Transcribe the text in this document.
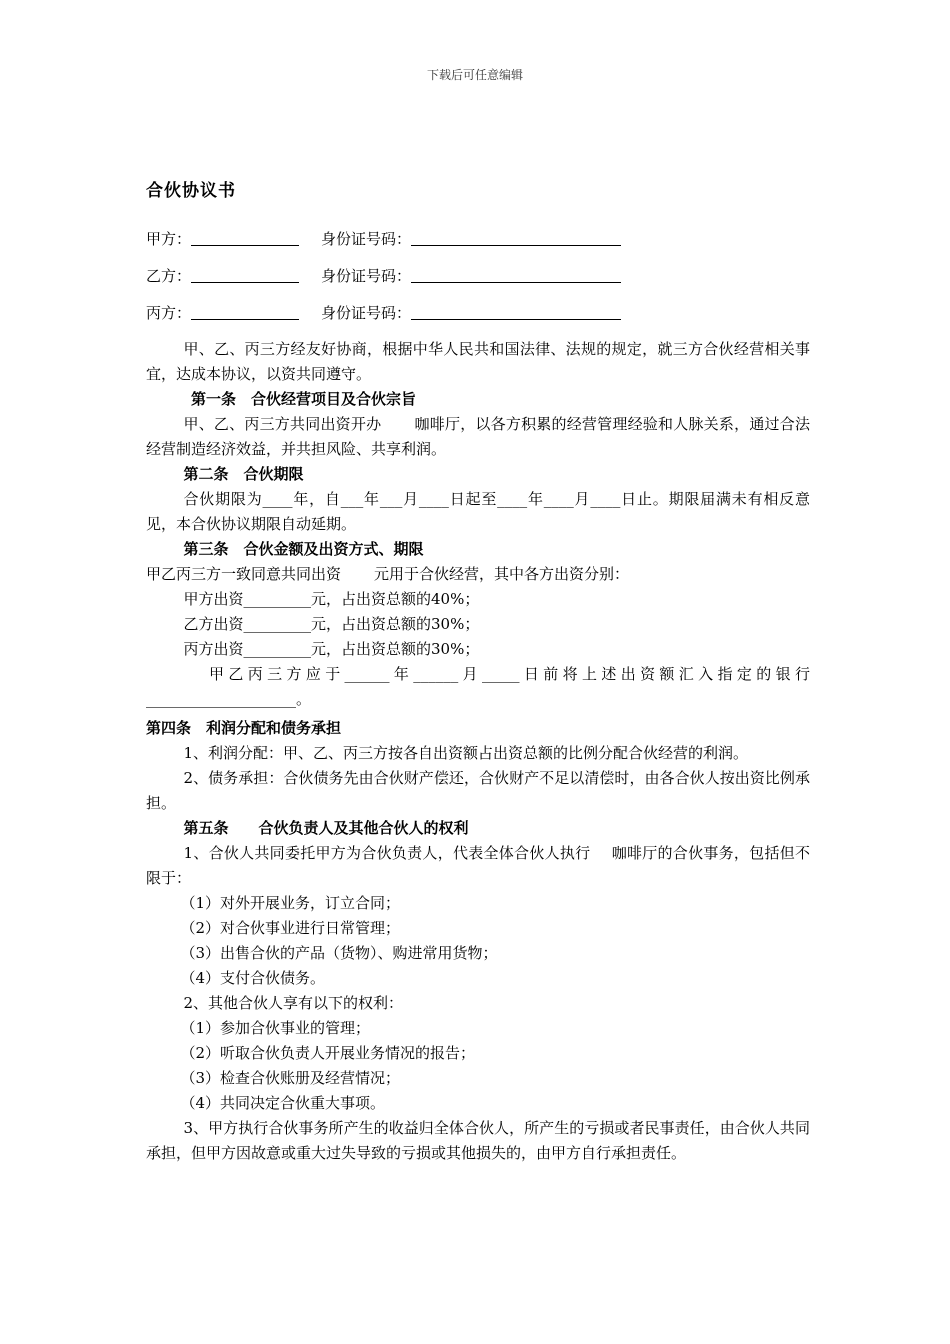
下载后可任意编辑
合伙协议书
甲方：	身份证号码：
乙方：	身份证号码：
丙方：	身份证号码：

甲、乙、丙三方经友好协商，根据中华人民共和国法律、法规的规定，就三方合伙经营相关事宜，达成本协议，以资共同遵守。

第一条　合伙经营项目及合伙宗旨

甲、乙、丙三方共同出资开办 咖啡厅，以各方积累的经营管理经验和人脉关系，通过合法经营制造经济效益，并共担风险、共享利润。

第二条　合伙期限

合伙期限为____年，自___年___月____日起至____年____月____日止。期限届满未有相反意见，本合伙协议期限自动延期。

第三条　合伙金额及出资方式、期限

甲乙丙三方一致同意共同出资 元用于合伙经营，其中各方出资分别：

甲方出资_________元，占出资总额的40%；

乙方出资_________元，占出资总额的30%；

丙方出资_________元，占出资总额的30%；

甲乙丙三方应于______年______月_____日前将上述出资额汇入指定的银行____________________。

第四条　利润分配和债务承担

1、利润分配：甲、乙、丙三方按各自出资额占出资总额的比例分配合伙经营的利润。

2、债务承担：合伙债务先由合伙财产偿还，合伙财产不足以清偿时，由各合伙人按出资比例承担。

第五条　　合伙负责人及其他合伙人的权利

1、合伙人共同委托甲方为合伙负责人，代表全体合伙人执行 咖啡厅的合伙事务，包括但不限于：

（1）对外开展业务，订立合同；

（2）对合伙事业进行日常管理；

（3）出售合伙的产品（货物）、购进常用货物；

（4）支付合伙债务。

2、其他合伙人享有以下的权利：

（1）参加合伙事业的管理；

（2）听取合伙负责人开展业务情况的报告；

（3）检查合伙账册及经营情况；

（4）共同决定合伙重大事项。

3、甲方执行合伙事务所产生的收益归全体合伙人，所产生的亏损或者民事责任，由合伙人共同承担，但甲方因故意或重大过失导致的亏损或其他损失的，由甲方自行承担责任。
